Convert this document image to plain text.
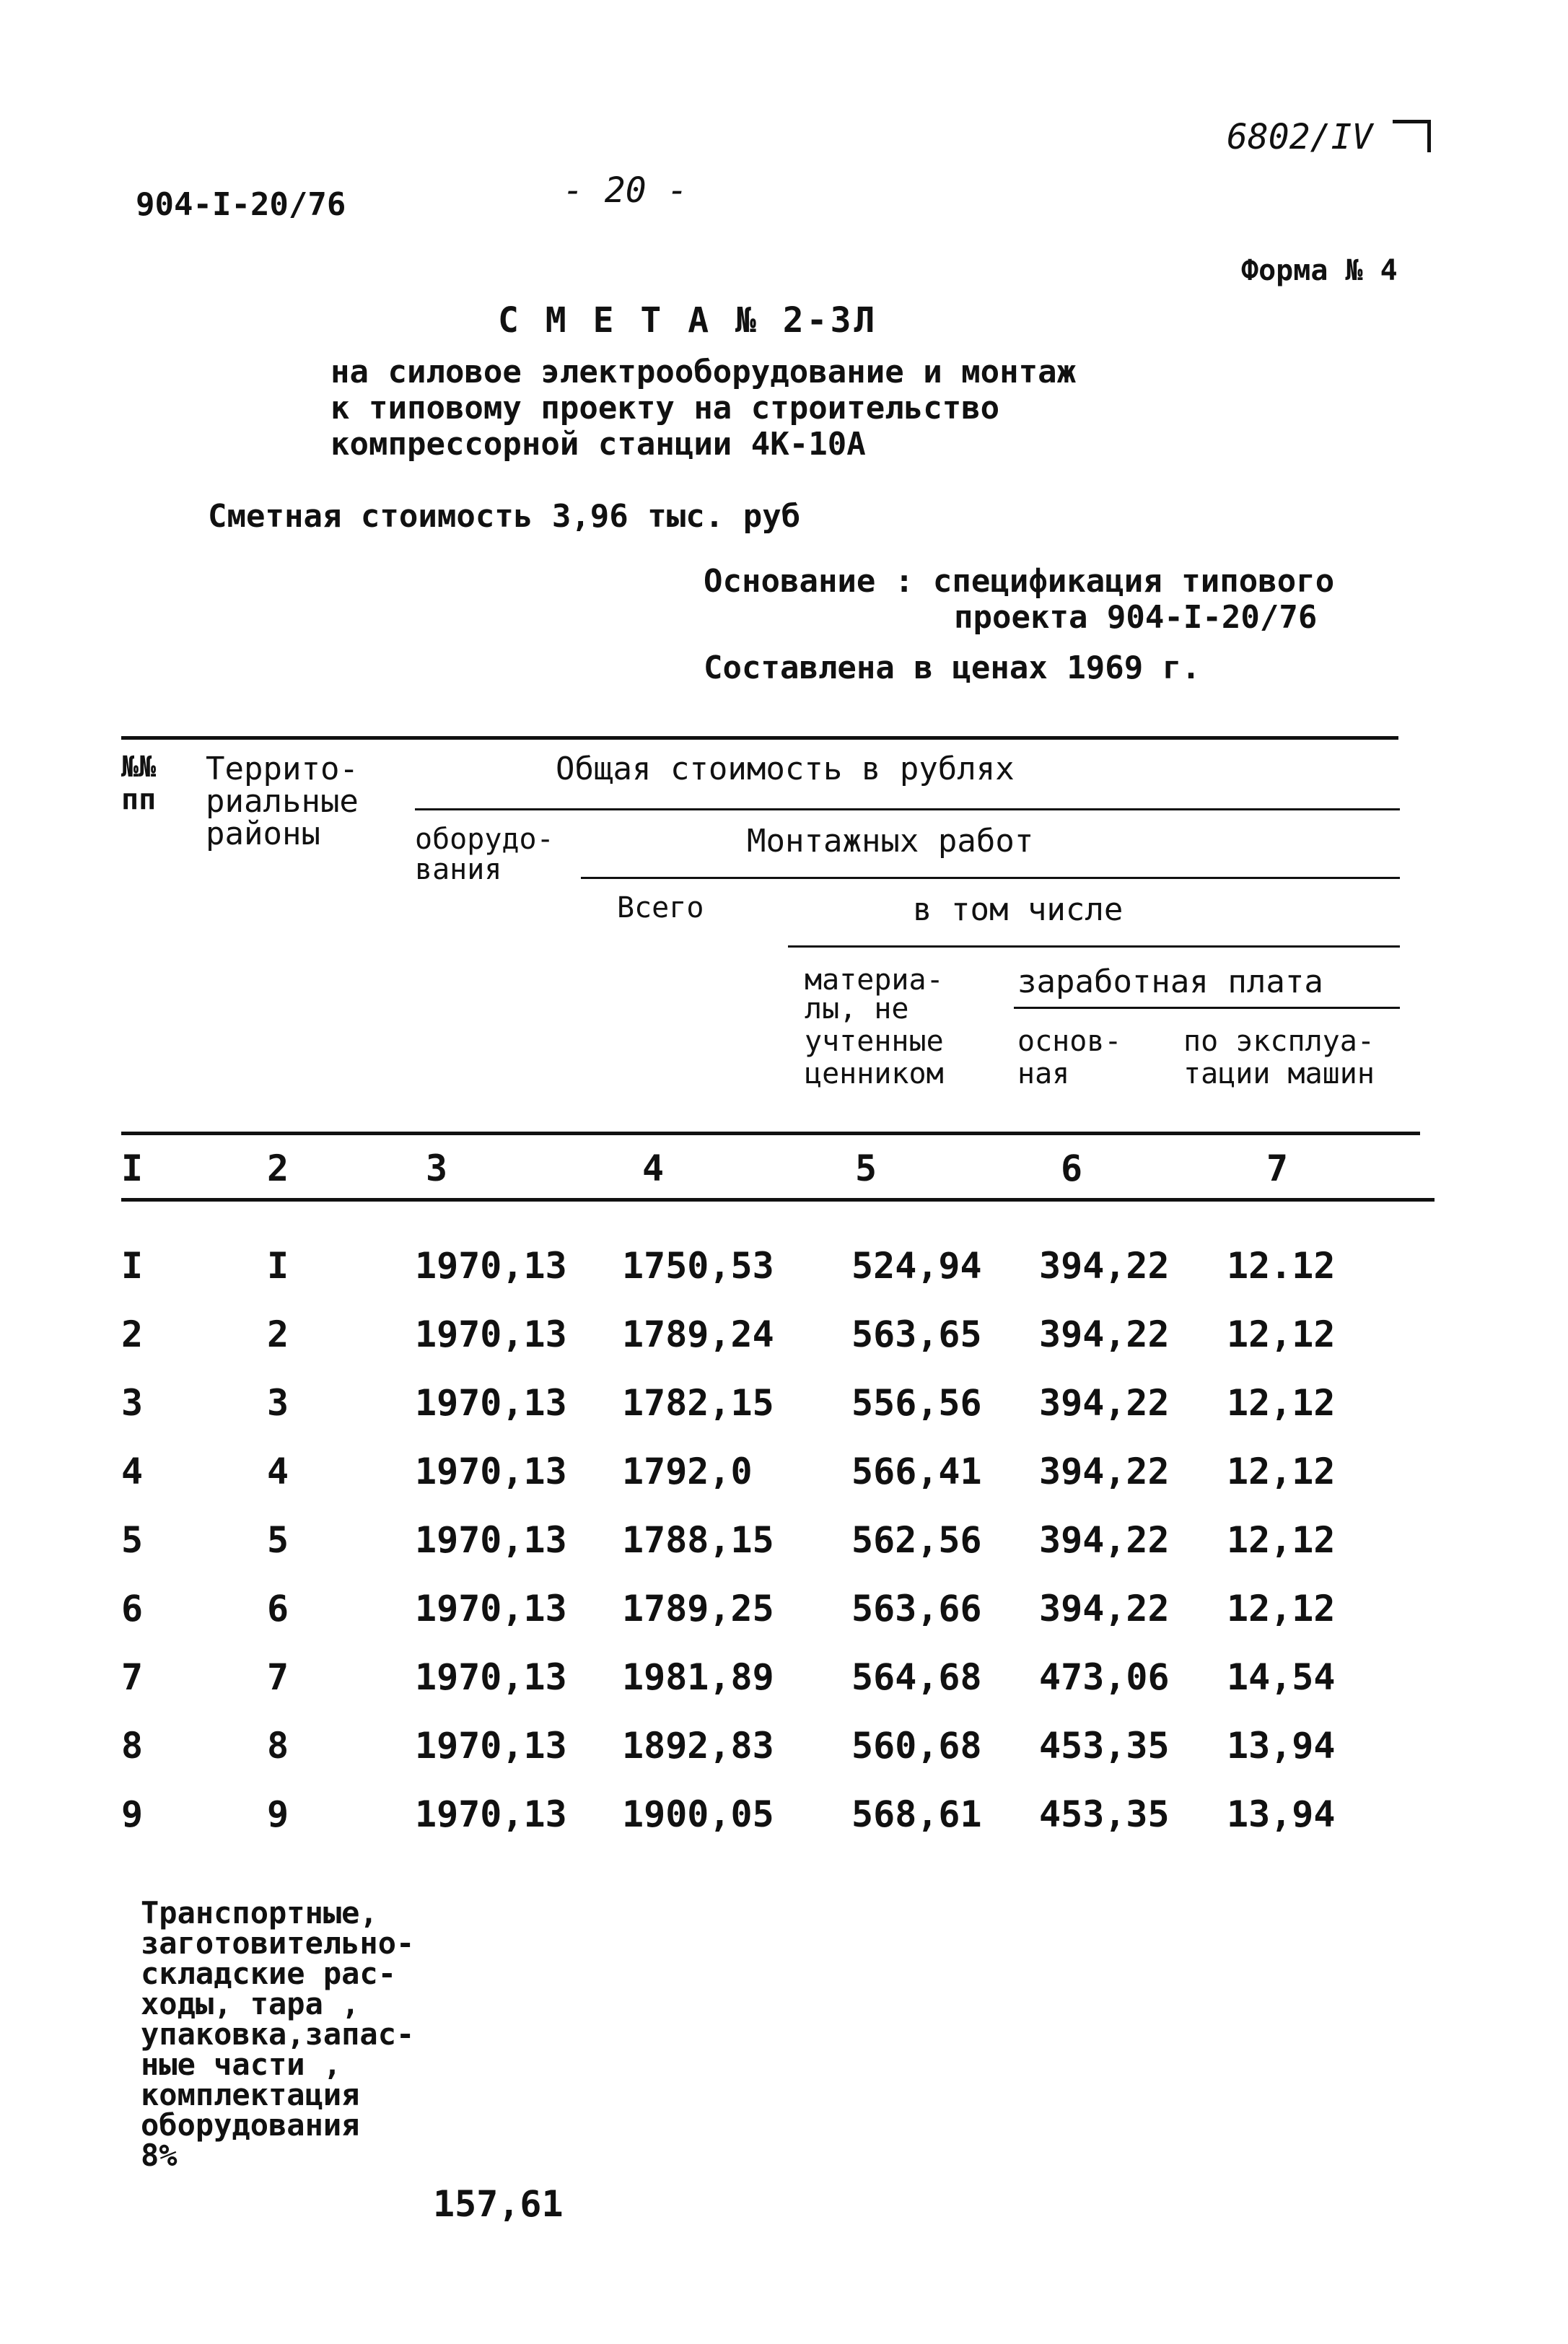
904-I-20/76	- 20 -
6802/IV
Форма № 4
С М Е Т А № 2-ЗЛ
на силовое электрооборудование и монтаж
к типовому проекту на строительство
компрессорной станции 4К-10А
Сметная стоимость 3,96 тыс. руб
Основание : спецификация типового
проекта 904-I-20/76
Составлена в ценах 1969 г.
№№
пп
Террито-
риальные
районы
Общая стоимость в рублях
оборудо-
вания
Монтажных работ
Всего	в том числе
материа-
лы, не
учтенные
ценником
заработная плата
основ-
ная
по эксплуа-
тации машин
I	2	3	4	5	6	7
I	I	1970,13 1750,53 524,94 394,22 12.12
2	2	1970,13 1789,24 563,65 394,22 12,12
3	3	1970,13 1782,15 556,56 394,22 12,12
4	4	1970,13 1792,0	566,41 394,22 12,12
5	5	1970,13 1788,15 562,56 394,22 12,12
6	6	1970,13 1789,25 563,66 394,22 12,12
7	7	1970,13 1981,89 564,68 473,06 14,54
8	8	1970,13 1892,83 560,68 453,35 13,94
9	9	1970,13 1900,05 568,61 453,35 13,94
Транспортные,
заготовительно-
складские рас-
ходы, тара ,
упаковка,запас-
ные части ,
комплектация
оборудования
8%
157,61
